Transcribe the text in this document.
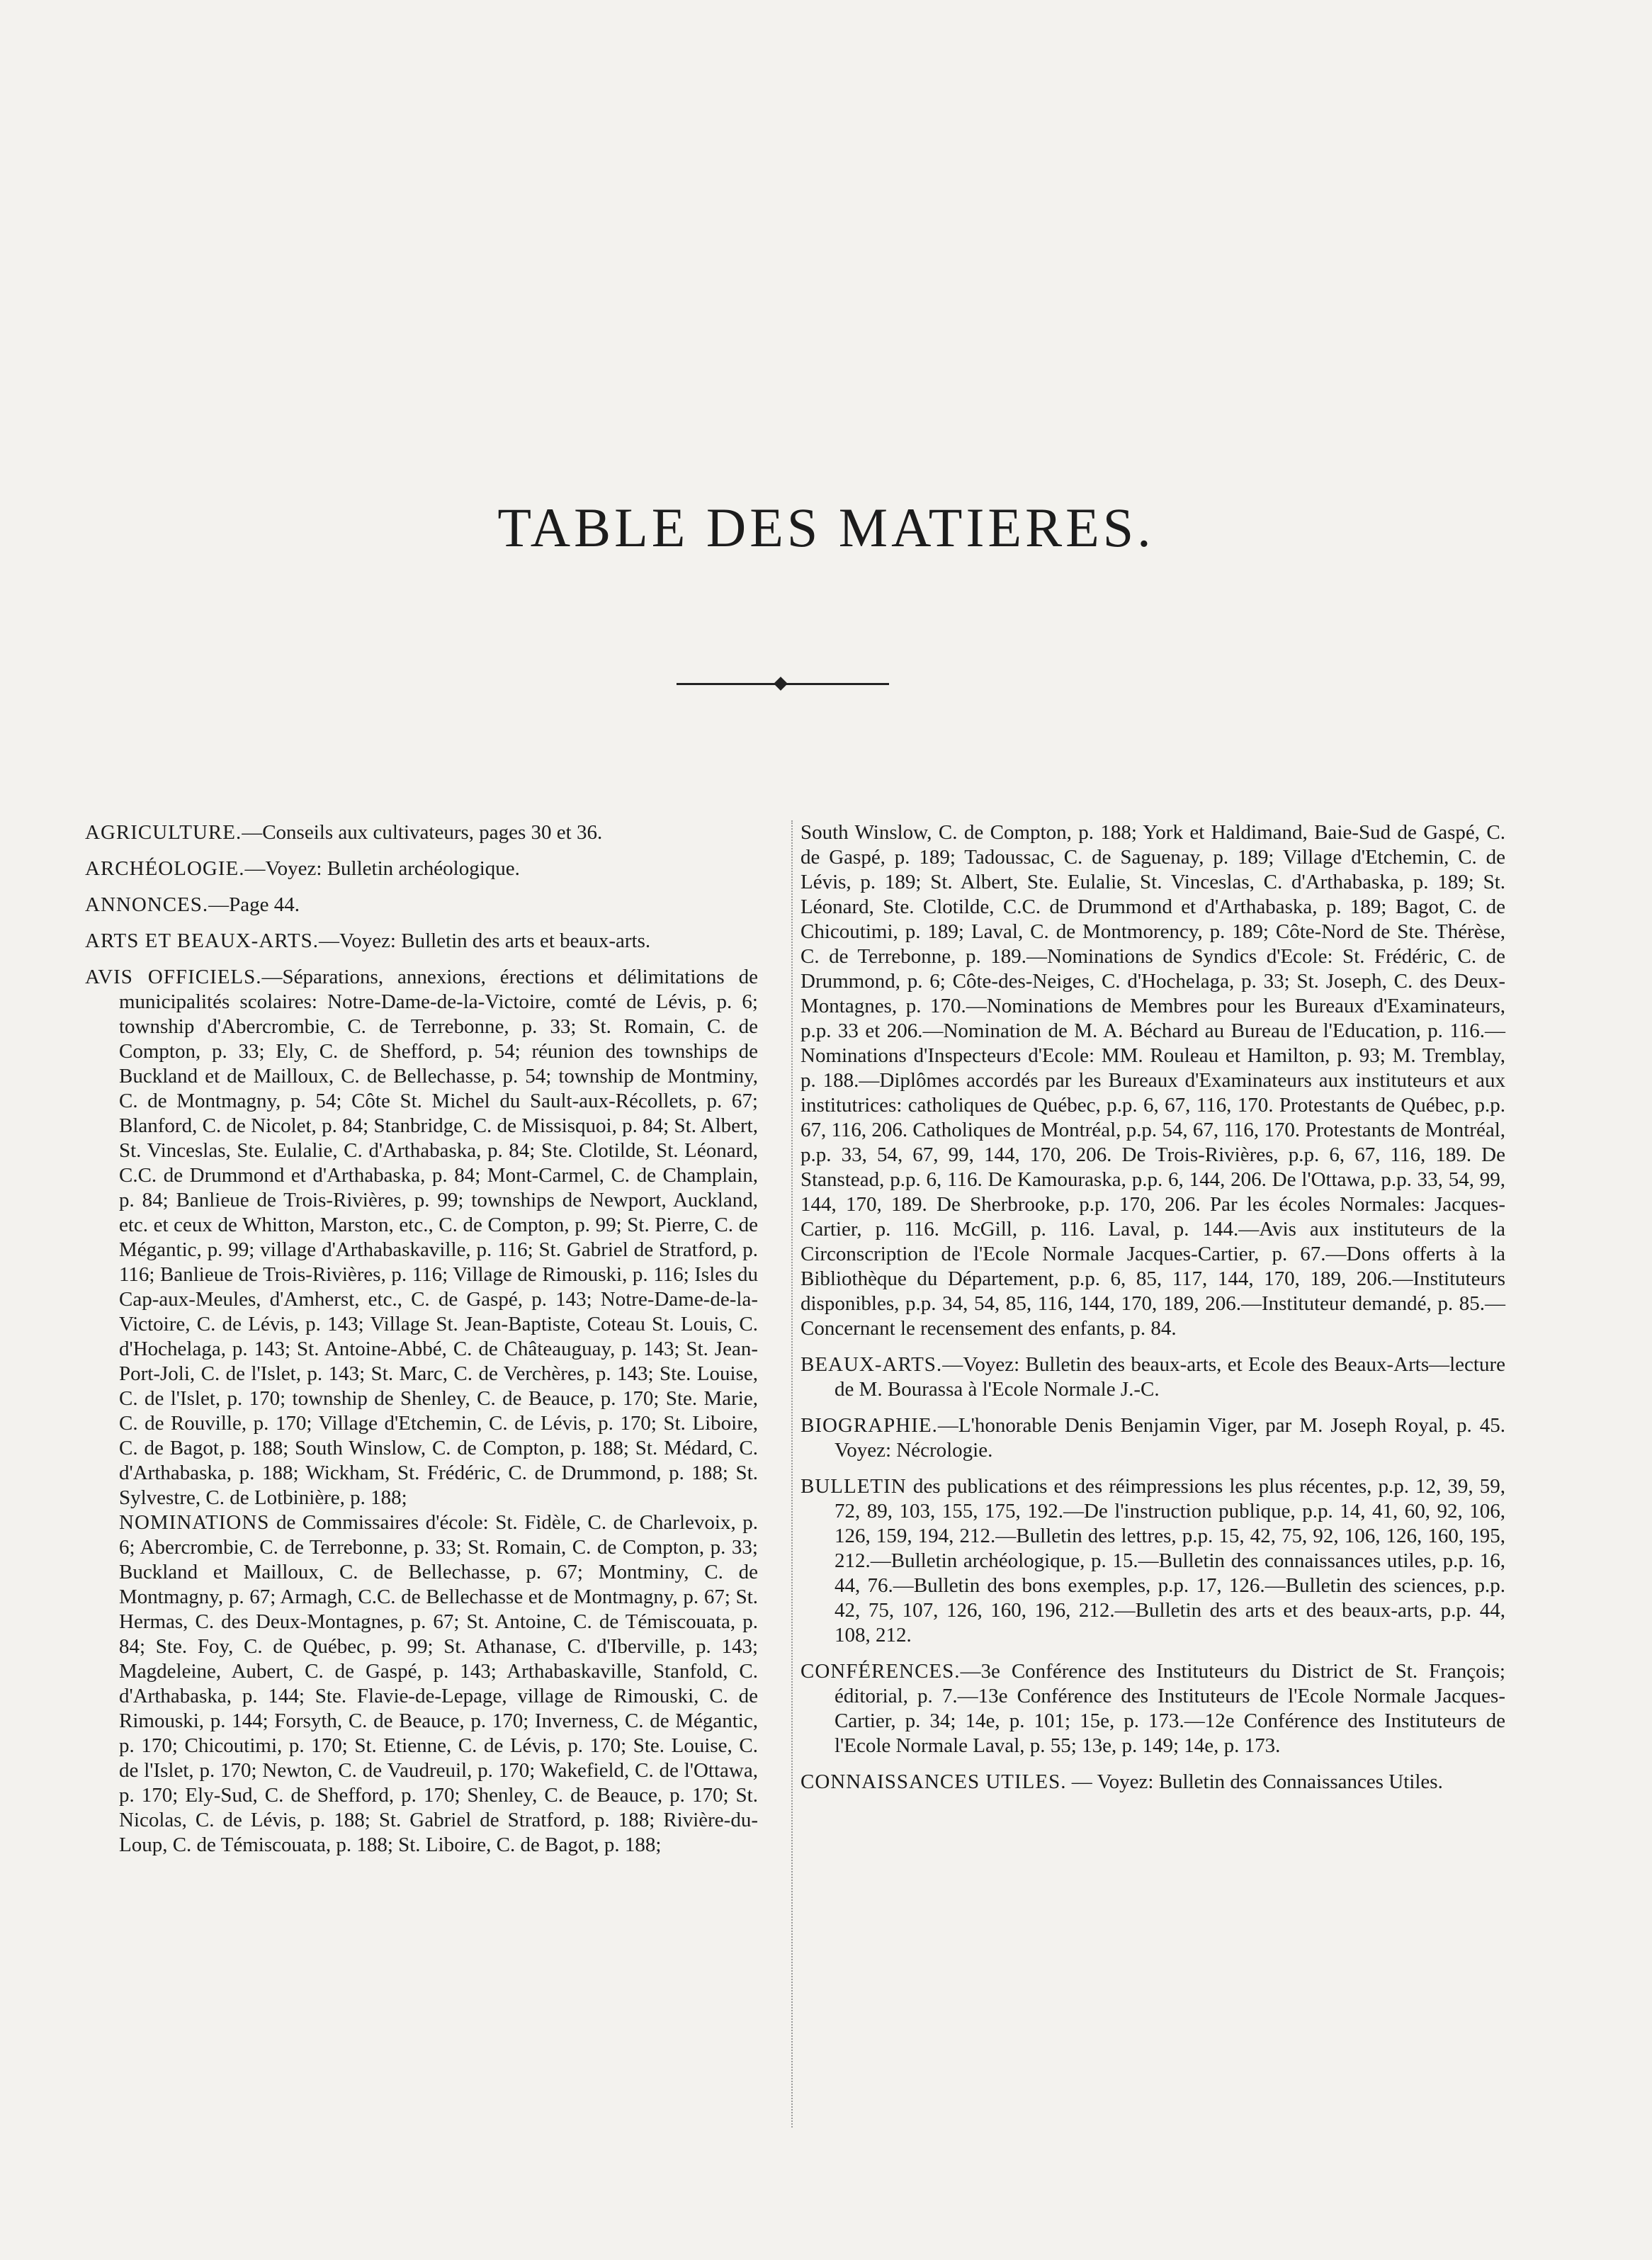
TABLE DES MATIERES.

AGRICULTURE.—Conseils aux cultivateurs, pages 30 et 36.

ARCHÉOLOGIE.—Voyez: Bulletin archéologique.

ANNONCES.—Page 44.

ARTS ET BEAUX-ARTS.—Voyez: Bulletin des arts et beaux-arts.

AVIS OFFICIELS.—Séparations, annexions, érections et délimitations de municipalités scolaires: Notre-Dame-de-la-Victoire, comté de Lévis, p. 6; township d'Abercrombie, C. de Terrebonne, p. 33; St. Romain, C. de Compton, p. 33; Ely, C. de Shefford, p. 54; réunion des townships de Buckland et de Mailloux, C. de Bellechasse, p. 54; township de Montminy, C. de Montmagny, p. 54; Côte St. Michel du Sault-aux-Récollets, p. 67; Blanford, C. de Nicolet, p. 84; Stanbridge, C. de Missisquoi, p. 84; St. Albert, St. Vinceslas, Ste. Eulalie, C. d'Arthabaska, p. 84; Ste. Clotilde, St. Léonard, C.C. de Drummond et d'Arthabaska, p. 84; Mont-Carmel, C. de Champlain, p. 84; Banlieue de Trois-Rivières, p. 99; townships de Newport, Auckland, etc. et ceux de Whitton, Marston, etc., C. de Compton, p. 99; St. Pierre, C. de Mégantic, p. 99; village d'Arthabaskaville, p. 116; St. Gabriel de Stratford, p. 116; Banlieue de Trois-Rivières, p. 116; Village de Rimouski, p. 116; Isles du Cap-aux-Meules, d'Amherst, etc., C. de Gaspé, p. 143; Notre-Dame-de-la-Victoire, C. de Lévis, p. 143; Village St. Jean-Baptiste, Coteau St. Louis, C. d'Hochelaga, p. 143; St. Antoine-Abbé, C. de Châteauguay, p. 143; St. Jean-Port-Joli, C. de l'Islet, p. 143; St. Marc, C. de Verchères, p. 143; Ste. Louise, C. de l'Islet, p. 170; township de Shenley, C. de Beauce, p. 170; Ste. Marie, C. de Rouville, p. 170; Village d'Etchemin, C. de Lévis, p. 170; St. Liboire, C. de Bagot, p. 188; South Winslow, C. de Compton, p. 188; St. Médard, C. d'Arthabaska, p. 188; Wickham, St. Frédéric, C. de Drummond, p. 188; St. Sylvestre, C. de Lotbinière, p. 188;
NOMINATIONS de Commissaires d'école: St. Fidèle, C. de Charlevoix, p. 6; Abercrombie, C. de Terrebonne, p. 33; St. Romain, C. de Compton, p. 33; Buckland et Mailloux, C. de Bellechasse, p. 67; Montminy, C. de Montmagny, p. 67; Armagh, C.C. de Bellechasse et de Montmagny, p. 67; St. Hermas, C. des Deux-Montagnes, p. 67; St. Antoine, C. de Témiscouata, p. 84; Ste. Foy, C. de Québec, p. 99; St. Athanase, C. d'Iberville, p. 143; Magdeleine, Aubert, C. de Gaspé, p. 143; Arthabaskaville, Stanfold, C. d'Arthabaska, p. 144; Ste. Flavie-de-Lepage, village de Rimouski, C. de Rimouski, p. 144; Forsyth, C. de Beauce, p. 170; Inverness, C. de Mégantic, p. 170; Chicoutimi, p. 170; St. Etienne, C. de Lévis, p. 170; Ste. Louise, C. de l'Islet, p. 170; Newton, C. de Vaudreuil, p. 170; Wakefield, C. de l'Ottawa, p. 170; Ely-Sud, C. de Shefford, p. 170; Shenley, C. de Beauce, p. 170; St. Nicolas, C. de Lévis, p. 188; St. Gabriel de Stratford, p. 188; Rivière-du-Loup, C. de Témiscouata, p. 188; St. Liboire, C. de Bagot, p. 188;

South Winslow, C. de Compton, p. 188; York et Haldimand, Baie-Sud de Gaspé, C. de Gaspé, p. 189; Tadoussac, C. de Saguenay, p. 189; Village d'Etchemin, C. de Lévis, p. 189; St. Albert, Ste. Eulalie, St. Vinceslas, C. d'Arthabaska, p. 189; St. Léonard, Ste. Clotilde, C.C. de Drummond et d'Arthabaska, p. 189; Bagot, C. de Chicoutimi, p. 189; Laval, C. de Montmorency, p. 189; Côte-Nord de Ste. Thérèse, C. de Terrebonne, p. 189.—Nominations de Syndics d'Ecole: St. Frédéric, C. de Drummond, p. 6; Côte-des-Neiges, C. d'Hochelaga, p. 33; St. Joseph, C. des Deux-Montagnes, p. 170.—Nominations de Membres pour les Bureaux d'Examinateurs, p.p. 33 et 206.—Nomination de M. A. Béchard au Bureau de l'Education, p. 116.—Nominations d'Inspecteurs d'Ecole: MM. Rouleau et Hamilton, p. 93; M. Tremblay, p. 188.—Diplômes accordés par les Bureaux d'Examinateurs aux instituteurs et aux institutrices: catholiques de Québec, p.p. 6, 67, 116, 170. Protestants de Québec, p.p. 67, 116, 206. Catholiques de Montréal, p.p. 54, 67, 116, 170. Protestants de Montréal, p.p. 33, 54, 67, 99, 144, 170, 206. De Trois-Rivières, p.p. 6, 67, 116, 189. De Stanstead, p.p. 6, 116. De Kamouraska, p.p. 6, 144, 206. De l'Ottawa, p.p. 33, 54, 99, 144, 170, 189. De Sherbrooke, p.p. 170, 206. Par les écoles Normales: Jacques-Cartier, p. 116. McGill, p. 116. Laval, p. 144.—Avis aux instituteurs de la Circonscription de l'Ecole Normale Jacques-Cartier, p. 67.—Dons offerts à la Bibliothèque du Département, p.p. 6, 85, 117, 144, 170, 189, 206.—Instituteurs disponibles, p.p. 34, 54, 85, 116, 144, 170, 189, 206.—Instituteur demandé, p. 85.—Concernant le recensement des enfants, p. 84.

BEAUX-ARTS.—Voyez: Bulletin des beaux-arts, et Ecole des Beaux-Arts—lecture de M. Bourassa à l'Ecole Normale J.-C.

BIOGRAPHIE.—L'honorable Denis Benjamin Viger, par M. Joseph Royal, p. 45. Voyez: Nécrologie.

BULLETIN des publications et des réimpressions les plus récentes, p.p. 12, 39, 59, 72, 89, 103, 155, 175, 192.—De l'instruction publique, p.p. 14, 41, 60, 92, 106, 126, 159, 194, 212.—Bulletin des lettres, p.p. 15, 42, 75, 92, 106, 126, 160, 195, 212.—Bulletin archéologique, p. 15.—Bulletin des connaissances utiles, p.p. 16, 44, 76.—Bulletin des bons exemples, p.p. 17, 126.—Bulletin des sciences, p.p. 42, 75, 107, 126, 160, 196, 212.—Bulletin des arts et des beaux-arts, p.p. 44, 108, 212.

CONFÉRENCES.—3e Conférence des Instituteurs du District de St. François; éditorial, p. 7.—13e Conférence des Instituteurs de l'Ecole Normale Jacques-Cartier, p. 34; 14e, p. 101; 15e, p. 173.—12e Conférence des Instituteurs de l'Ecole Normale Laval, p. 55; 13e, p. 149; 14e, p. 173.

CONNAISSANCES UTILES. — Voyez: Bulletin des Connaissances Utiles.
